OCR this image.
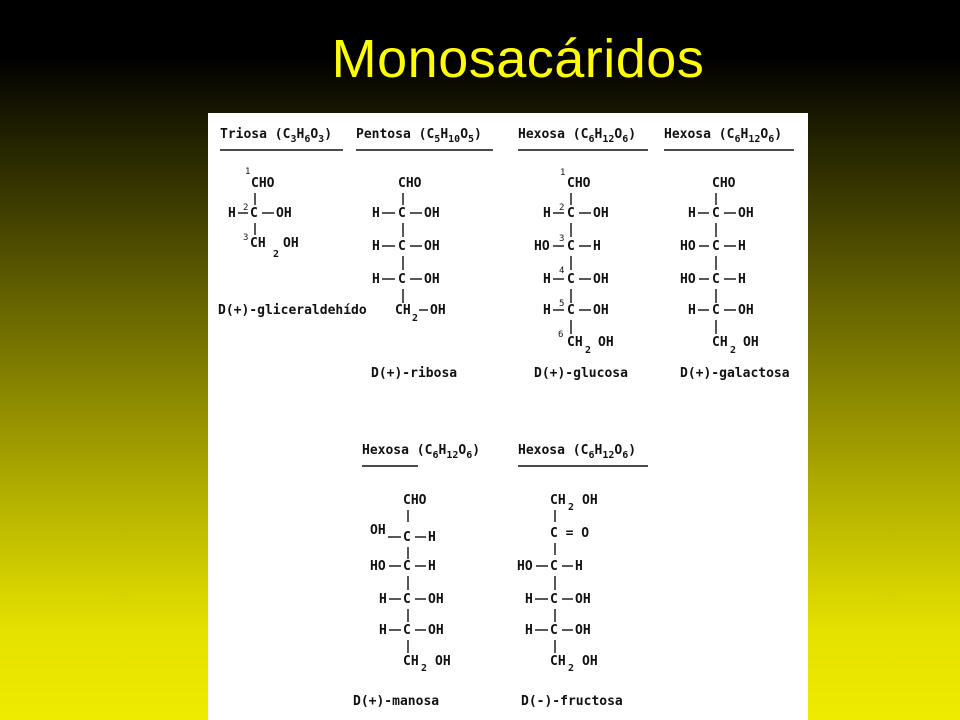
Monosacáridos
Triosa $(C_3H_6O_3)$
1
CHO
2
H C OH
3 CH
2
OH
D(+)-gliceraldehído
Pentosa $(C_5H_{10}O_5)$
CHO
H C OH
H C OH
H C OH
CH
2
OH
D(+)-ribosa
Hexosa $(C_6H_{12}O_6)$
1
CHO
2
H C OH
3
HO C H
4
H C OH
5
H C OH
6 CH
2
OH
D(+)-glucosa
Hexosa $(C_6H_{12}O_6)$
CHO
H C OH
HO C H
HO C H
H C OH
CH
2
OH
D(+)-galactosa
Hexosa $(C_6H_{12}O_6)$
CHO
OH C H
HO C H
H C OH
H C OH
CH 2 OH
D(+)-manosa
Hexosa $(C_6H_{12}O_6)$
CH 2 OH
C = O
HO C H
H C OH
H C OH
CH 2 OH
D(-)-fructosa
